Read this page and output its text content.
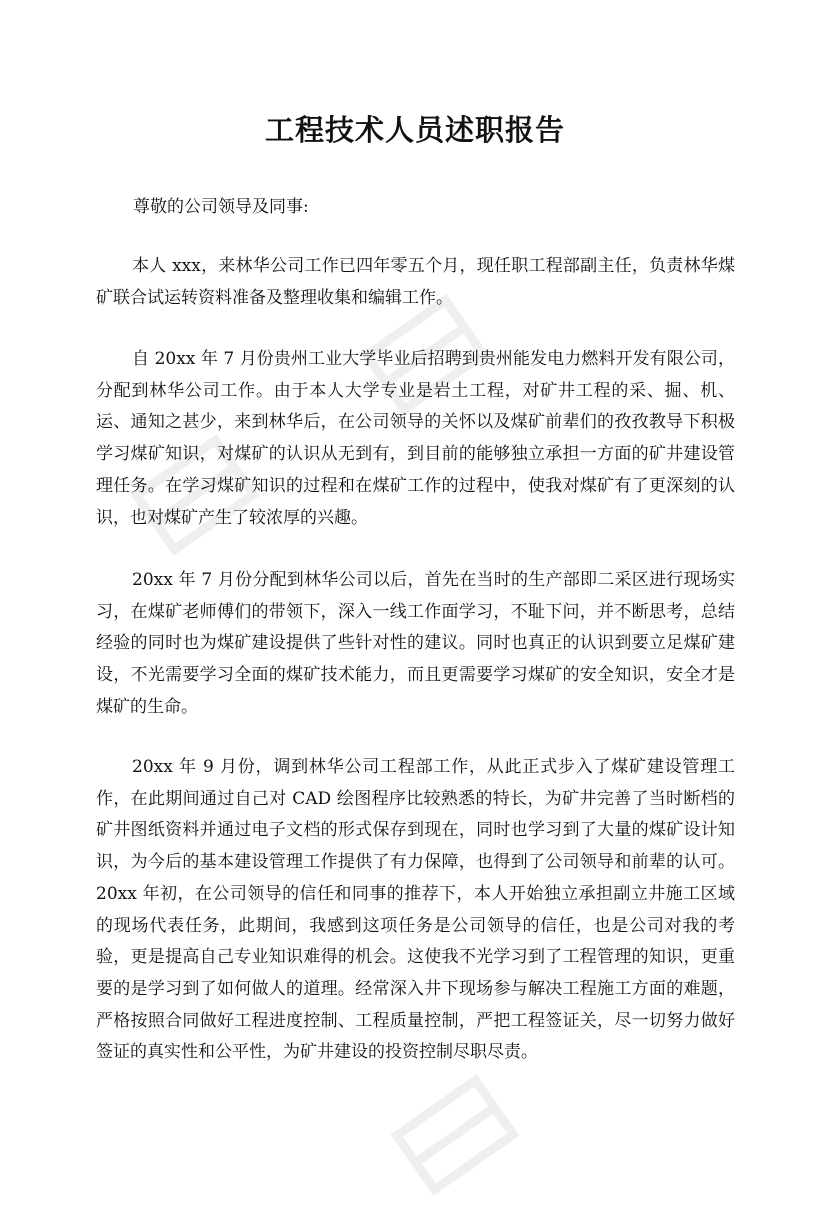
工程技术人员述职报告
尊敬的公司领导及同事:

本人 xxx，来林华公司工作已四年零五个月，现任职工程部副主任，负责林华煤矿联合试运转资料准备及整理收集和编辑工作。

自 20xx 年 7 月份贵州工业大学毕业后招聘到贵州能发电力燃料开发有限公司，分配到林华公司工作。由于本人大学专业是岩土工程，对矿井工程的采、掘、机、运、通知之甚少，来到林华后，在公司领导的关怀以及煤矿前辈们的孜孜教导下积极学习煤矿知识，对煤矿的认识从无到有，到目前的能够独立承担一方面的矿井建设管理任务。在学习煤矿知识的过程和在煤矿工作的过程中，使我对煤矿有了更深刻的认识，也对煤矿产生了较浓厚的兴趣。

20xx 年 7 月份分配到林华公司以后，首先在当时的生产部即二采区进行现场实习，在煤矿老师傅们的带领下，深入一线工作面学习，不耻下问，并不断思考，总结经验的同时也为煤矿建设提供了些针对性的建议。同时也真正的认识到要立足煤矿建设，不光需要学习全面的煤矿技术能力，而且更需要学习煤矿的安全知识，安全才是煤矿的生命。

20xx 年 9 月份，调到林华公司工程部工作，从此正式步入了煤矿建设管理工作，在此期间通过自己对 CAD 绘图程序比较熟悉的特长，为矿井完善了当时断档的矿井图纸资料并通过电子文档的形式保存到现在，同时也学习到了大量的煤矿设计知识，为今后的基本建设管理工作提供了有力保障，也得到了公司领导和前辈的认可。20xx 年初，在公司领导的信任和同事的推荐下，本人开始独立承担副立井施工区域的现场代表任务，此期间，我感到这项任务是公司领导的信任，也是公司对我的考验，更是提高自己专业知识难得的机会。这使我不光学习到了工程管理的知识，更重要的是学习到了如何做人的道理。经常深入井下现场参与解决工程施工方面的难题，严格按照合同做好工程进度控制、工程质量控制，严把工程签证关，尽一切努力做好签证的真实性和公平性，为矿井建设的投资控制尽职尽责。
